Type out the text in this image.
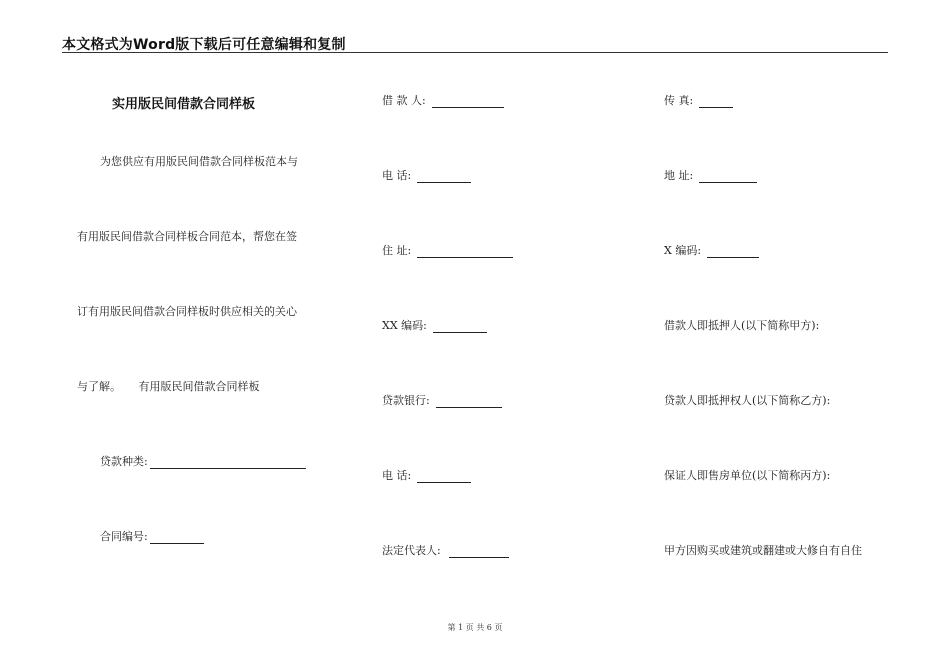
本文格式为Word版下载后可任意编辑和复制
实用版民间借款合同样板
为您供应有用版民间借款合同样板范本与
有用版民间借款合同样板合同范本，帮您在签
订有用版民间借款合同样板时供应相关的关心
与了解。     有用版民间借款合同样板
贷款种类:
合同编号:
借 款 人:
电 话:
住 址:
XX 编码:
贷款银行:
电 话:
法定代表人:
传 真:
地 址:
X 编码:
借款人即抵押人(以下简称甲方):
贷款人即抵押权人(以下简称乙方):
保证人即售房单位(以下简称丙方):
甲方因购买或建筑或翻建或大修自有自住
第 1 页 共 6 页
